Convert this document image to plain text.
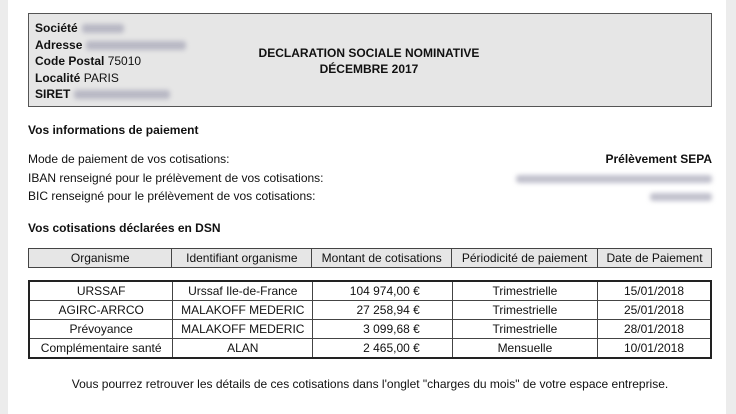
Société
Adresse
Code Postal 75010
Localité PARIS
SIRET
DECLARATION SOCIALE NOMINATIVE
DÉCEMBRE 2017
Vos informations de paiement
Mode de paiement de vos cotisations:	Prélèvement SEPA
IBAN renseigné pour le prélèvement de vos cotisations:
BIC renseigné pour le prélèvement de vos cotisations:
Vos cotisations déclarées en DSN
Organisme	Identifiant organisme	Montant de cotisations	Périodicité de paiement	Date de Paiement
URSSAF	Urssaf Ile-de-France	104 974,00 €	Trimestrielle	15/01/2018
AGIRC-ARRCO	MALAKOFF MEDERIC	27 258,94 €	Trimestrielle	25/01/2018
Prévoyance	MALAKOFF MEDERIC	3 099,68 €	Trimestrielle	28/01/2018
Complémentaire santé	ALAN	2 465,00 €	Mensuelle	10/01/2018
Vous pourrez retrouver les détails de ces cotisations dans l'onglet "charges du mois" de votre espace entreprise.
